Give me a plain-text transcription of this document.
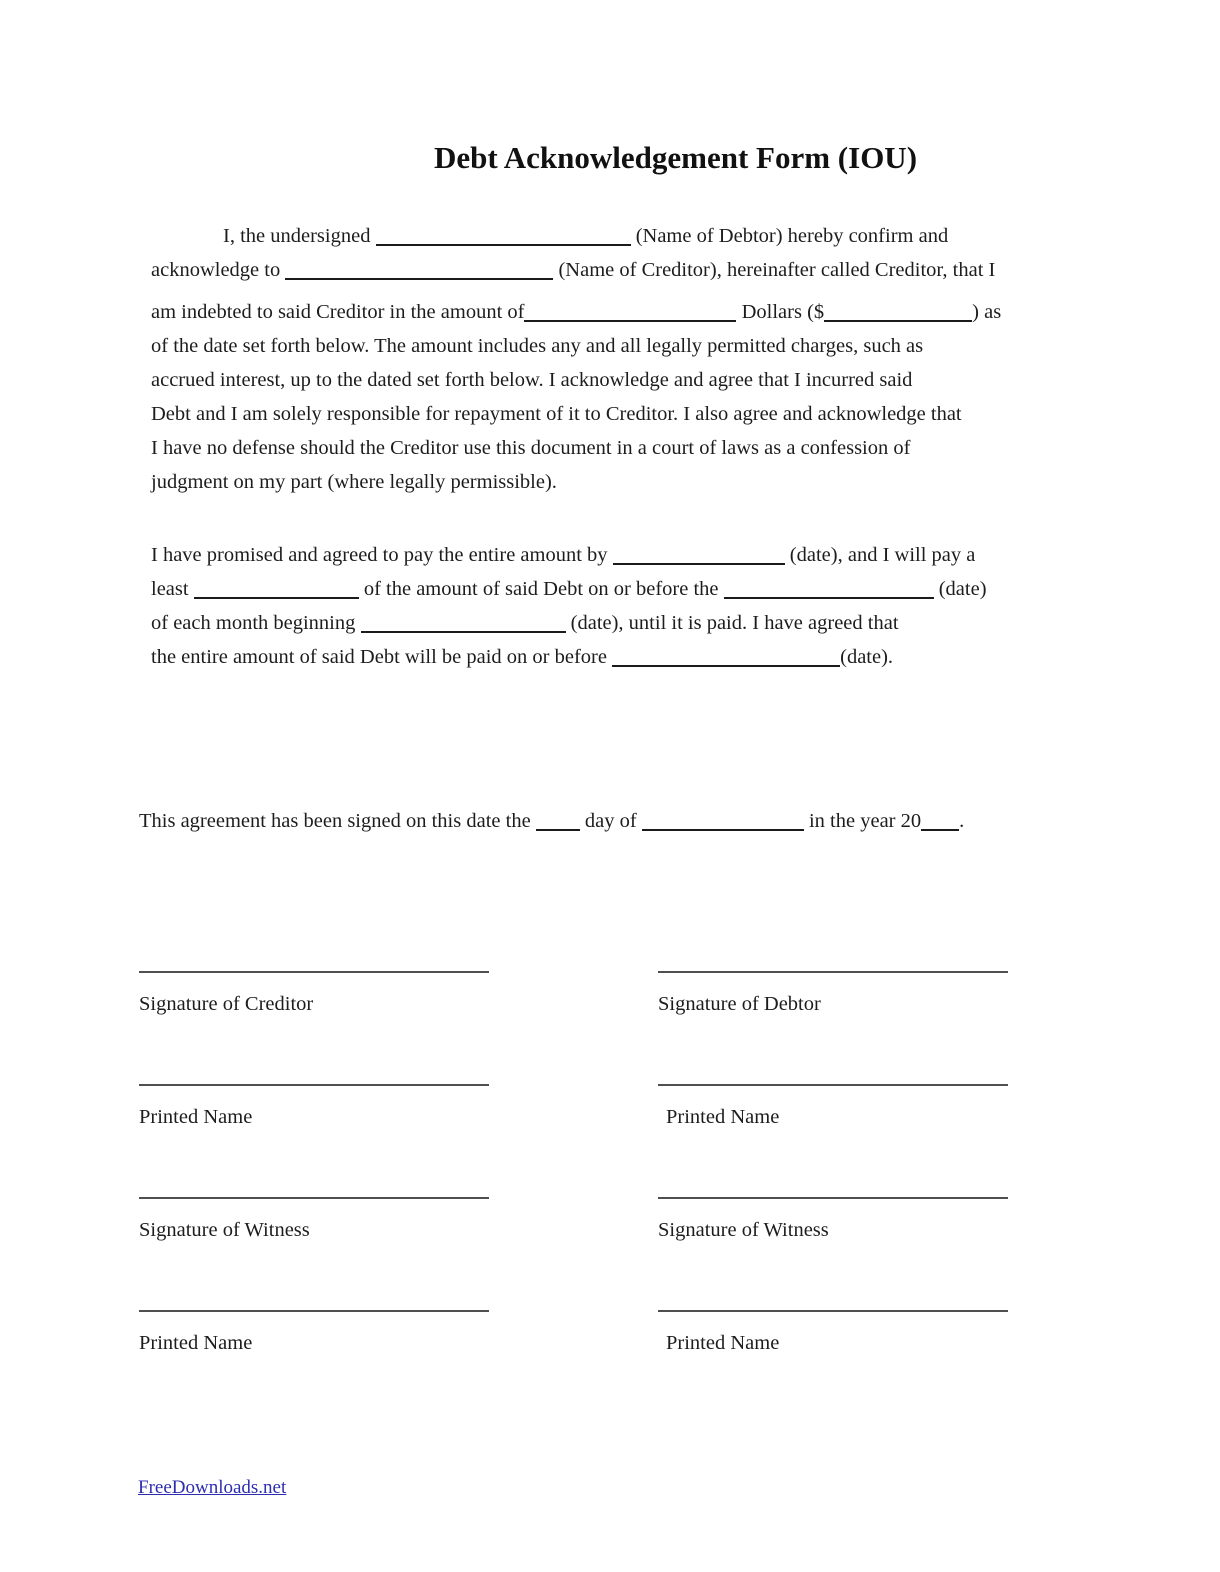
Debt Acknowledgement Form (IOU)
I, the undersigned	(Name of Debtor) hereby confirm and
acknowledge to	(Name of Creditor), hereinafter called Creditor, that I
am indebted to said Creditor in the amount of	Dollars ($	) as
of the date set forth below. The amount includes any and all legally permitted charges, such as
accrued interest, up to the dated set forth below. I acknowledge and agree that I incurred said
Debt and I am solely responsible for repayment of it to Creditor. I also agree and acknowledge that
I have no defense should the Creditor use this document in a court of laws as a confession of
judgment on my part (where legally permissible).
I have promised and agreed to pay the entire amount by	(date), and I will pay a
least	of the amount of said Debt on or before the	(date)
of each month beginning	(date), until it is paid. I have agreed that
the entire amount of said Debt will be paid on or before	(date).
This agreement has been signed on this date the  day of	in the year 20 .
Signature of Creditor	Signature of Debtor
Printed Name	Printed Name
Signature of Witness	Signature of Witness
Printed Name	Printed Name
FreeDownloads.net
